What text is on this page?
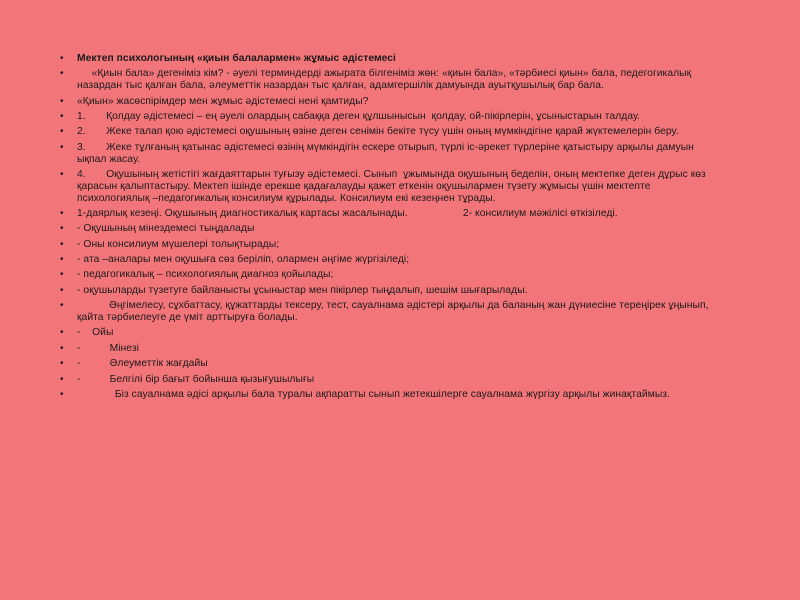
• Мектеп психологының «қиын балалармен» жұмыс әдістемесі
• «Қиын бала» дегеніміз кім? - әуелі терминдерді ажырата білгеніміз жөн: «қиын бала», «тәрбиесі қиын» бала, педегогикалық назардан тыс қалған бала, әлеуметтік назардан тыс қалған, адамгершілік дамуында ауытқушылық бар бала.
• «Қиын» жасөспірімдер мен жұмыс әдістемесі нені қамтиды?
• 1.       Қолдау әдістемесі – ең әуелі олардың сабаққа деген құлшынысын  қолдау, ой-пікірлерін, ұсыныстарын талдау.
• 2.       Жеке талап қою әдістемесі оқушының өзіне деген сенімін бекіте түсу үшін оның мүмкіндігіне қарай жүктемелерін беру.
• 3.       Жеке тұлғаның қатынас әдістемесі өзінің мүмкіндігін ескере отырып, түрлі іс-әрекет түрлеріне қатыстыру арқылы дамуын ықпал жасау.
• 4.       Оқушының жетістігі жағдаяттарын туғызу әдістемесі. Сынып  ұжымында оқушының беделін, оның мектепке деген дұрыс көз қарасын қалыптастыру. Мектеп ішінде ерекше қадағалауды қажет еткенін оқушылармен түзету жұмысы үшін мектепте психологиялық –педагогикалық консилиум құрылады. Консилиум екі кезеңнен тұрады.
• 1-даярлық кезеңі. Оқушының диагностикалық картасы жасалынады.                   2- консилиум мәжілісі өткізіледі.
• - Оқушының мінездемесі тыңдалады
• - Оны консилиум мүшелері толықтырады;
• - ата –аналары мен оқушыға сөз беріліп, олармен әңгіме жүргізіледі;
• - педагогикалық – психологиялық диагноз қойылады;
• - оқушыларды түзетуге байланысты ұсыныстар мен пікірлер тыңдалып, шешім шығарылады.
• Әңгімелесу, сұхбаттасу, құжаттарды тексеру, тест, сауалнама әдістері арқылы да баланың жан дүниесіне тереңірек ұңынып, қайта тәрбиелеуге де үміт арттыруға болады.
• -    Ойы
• -          Мінезі
• -          Әлеуметтік жағдайы
• -          Белгілі бір бағыт бойынша қызығушылығы
• Біз сауалнама әдісі арқылы бала туралы ақпаратты сынып жетекшілерге сауалнама жүргізу арқылы жинақтаймыз.
